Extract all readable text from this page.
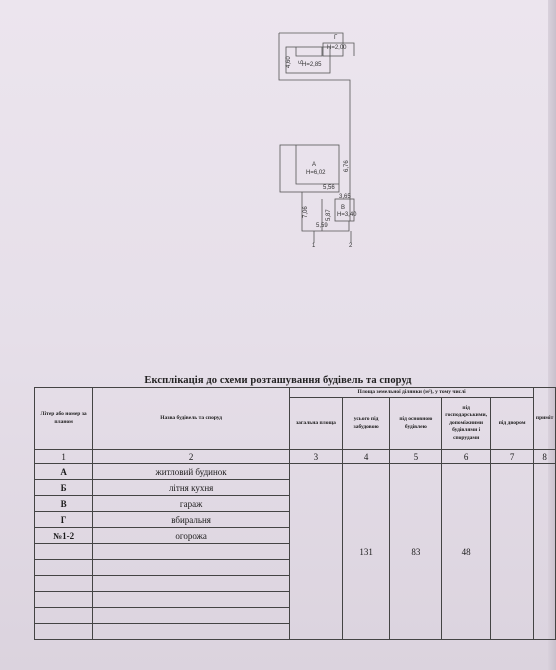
Г
Н=2,00
4,60 Б
Н=2,85
А
Н=6,02
6,76
5,56
3,65
В
Н=3,40
5,87
7,06
5,59
1	2
Експлікація до схеми розташування будівель та споруд
Літер або номер за планом	Назва будівель та споруд	Площа земельної ділянки (м²), у тому числі					приміт
		загальна площа	усього під забудовою	під основною будівлею	під господарськими, допоміжними будівлями і спорудами	під двором	
1	2	3	4	5	6	7	8
А	житловий будинок		131	83	48		
Б	літня кухня						
В	гараж						
Г	вбиральня						
№1-2	огорожа						
